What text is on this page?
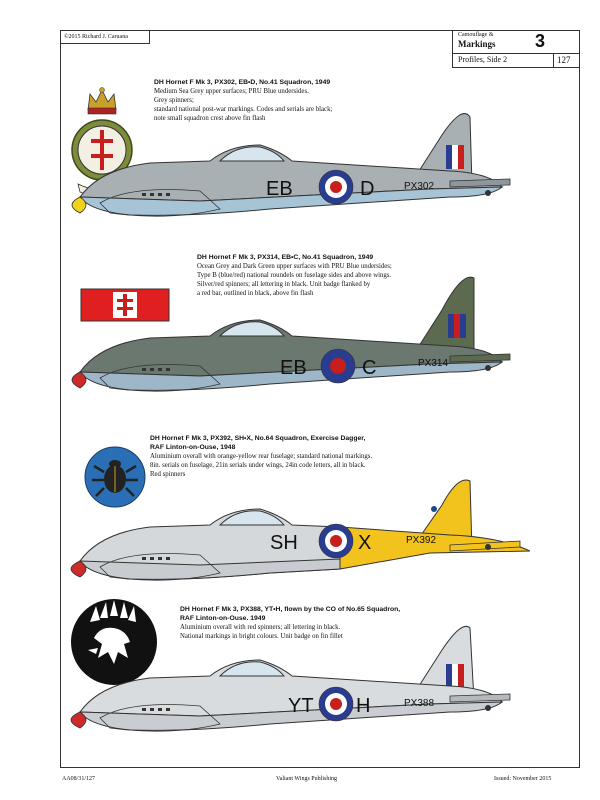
©2015 Richard J. Caruana	Camouflage &
Markings 3
Profiles, Side 2	127
DH Hornet F Mk 3, PX302, EB•D, No.41 Squadron, 1949
Medium Sea Grey upper surfaces; PRU Blue undersides.
Grey spinners;
standard national post-war markings. Codes and serials are black;
note small squadron crest above fin flash
EB	D	PX302
DH Hornet F Mk 3, PX314, EB•C, No.41 Squadron, 1949
Ocean Grey and Dark Green upper surfaces with PRU Blue undersides;
Type B (blue/red) national roundels on fuselage sides and above wings.
Silver/red spinners; all lettering in black. Unit badge flanked by
a red bar, outlined in black, above fin flash
EB	C	PX314
DH Hornet F Mk 3, PX392, SH•X, No.64 Squadron, Exercise Dagger,
RAF Linton-on-Ouse, 1948
Aluminium overall with orange-yellow rear fuselage; standard national markings.
8in. serials on fuselage, 21in serials under wings, 24in code letters, all in black.
Red spinners
SH	X	PX392
DH Hornet F Mk 3, PX388, YT•H, flown by the CO of No.65 Squadron,
RAF Linton-on-Ouse. 1949
Aluminium overall with red spinners; all lettering in black.
National markings in bright colours. Unit badge on fin fillet
YT H	PX388
AA08/31/127	Valiant Wings Publishing	Issued: November 2015
